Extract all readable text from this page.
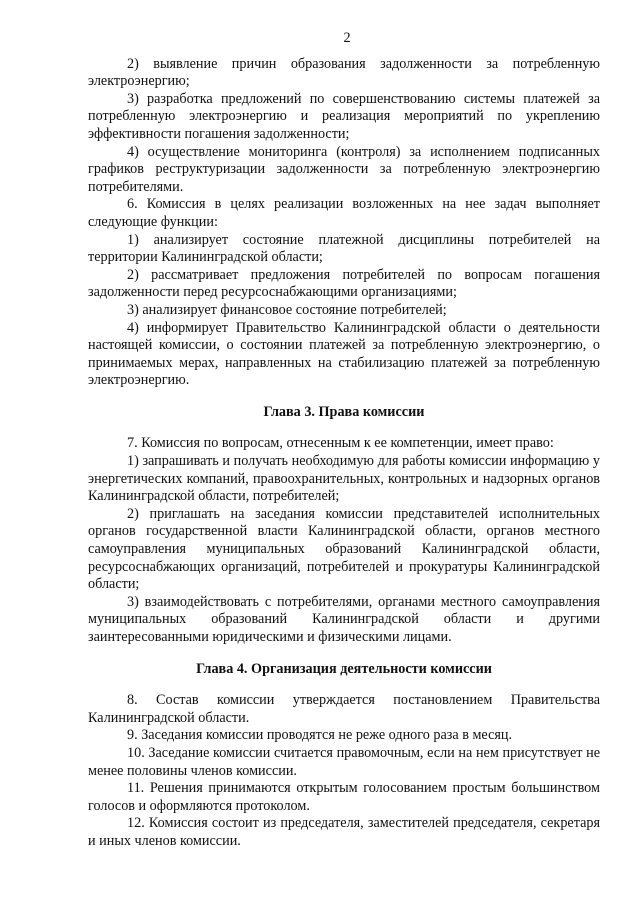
2

2) выявление причин образования задолженности за потребленную электроэнергию;

3) разработка предложений по совершенствованию системы платежей за потребленную электроэнергию и реализация мероприятий по укреплению эффективности погашения задолженности;

4) осуществление мониторинга (контроля) за исполнением подписанных графиков реструктуризации задолженности за потребленную электроэнергию потребителями.

6. Комиссия в целях реализации возложенных на нее задач выполняет следующие функции:

1) анализирует состояние платежной дисциплины потребителей на территории Калининградской области;

2) рассматривает предложения потребителей по вопросам погашения задолженности перед ресурсоснабжающими организациями;

3) анализирует финансовое состояние потребителей;

4) информирует Правительство Калининградской области о деятельности настоящей комиссии, о состоянии платежей за потребленную электроэнергию, о принимаемых мерах, направленных на стабилизацию платежей за потребленную электроэнергию.

Глава 3. Права комиссии

7. Комиссия по вопросам, отнесенным к ее компетенции, имеет право:

1) запрашивать и получать необходимую для работы комиссии информацию у энергетических компаний, правоохранительных, контрольных и надзорных органов Калининградской области, потребителей;

2) приглашать на заседания комиссии представителей исполнительных органов государственной власти Калининградской области, органов местного самоуправления муниципальных образований Калининградской области, ресурсоснабжающих организаций, потребителей и прокуратуры Калининградской области;

3) взаимодействовать с потребителями, органами местного самоуправления муниципальных образований Калининградской области и другими заинтересованными юридическими и физическими лицами.

Глава 4. Организация деятельности комиссии

8. Состав комиссии утверждается постановлением Правительства Калининградской области.

9. Заседания комиссии проводятся не реже одного раза в месяц.

10. Заседание комиссии считается правомочным, если на нем присутствует не менее половины членов комиссии.

11. Решения принимаются открытым голосованием простым большинством голосов и оформляются протоколом.

12. Комиссия состоит из председателя, заместителей председателя, секретаря и иных членов комиссии.
